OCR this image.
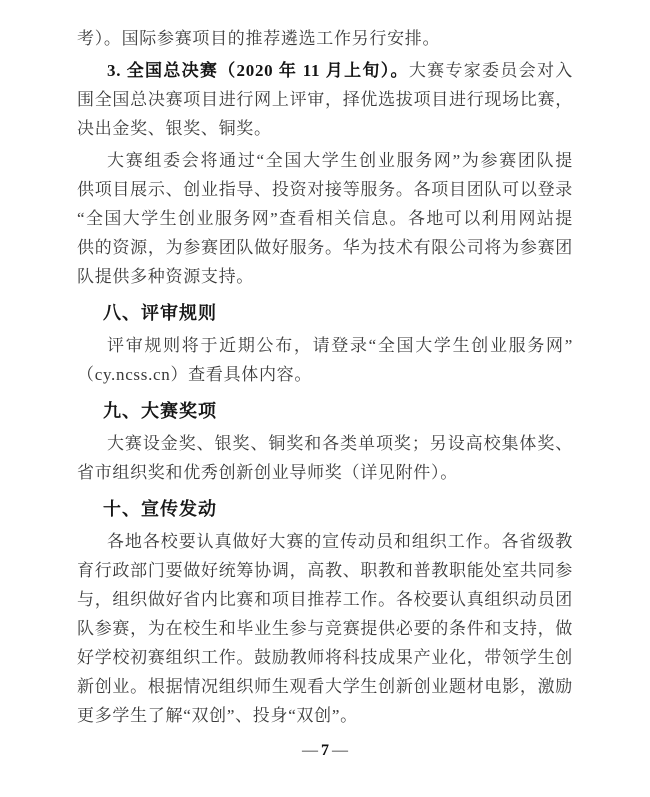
考）。国际参赛项目的推荐遴选工作另行安排。
3. 全国总决赛（2020 年 11 月上旬）。大赛专家委员会对入
围全国总决赛项目进行网上评审，择优选拔项目进行现场比赛，
决出金奖、银奖、铜奖。
大赛组委会将通过“全国大学生创业服务网”为参赛团队提
供项目展示、创业指导、投资对接等服务。各项目团队可以登录
“全国大学生创业服务网”查看相关信息。各地可以利用网站提
供的资源，为参赛团队做好服务。华为技术有限公司将为参赛团
队提供多种资源支持。
八、评审规则
评审规则将于近期公布，请登录“全国大学生创业服务网”
（cy.ncss.cn）查看具体内容。
九、大赛奖项
大赛设金奖、银奖、铜奖和各类单项奖；另设高校集体奖、
省市组织奖和优秀创新创业导师奖（详见附件）。
十、宣传发动
各地各校要认真做好大赛的宣传动员和组织工作。各省级教
育行政部门要做好统筹协调，高教、职教和普教职能处室共同参
与，组织做好省内比赛和项目推荐工作。各校要认真组织动员团
队参赛，为在校生和毕业生参与竞赛提供必要的条件和支持，做
好学校初赛组织工作。鼓励教师将科技成果产业化，带领学生创
新创业。根据情况组织师生观看大学生创新创业题材电影，激励
更多学生了解“双创”、投身“双创”。
— 7 —
